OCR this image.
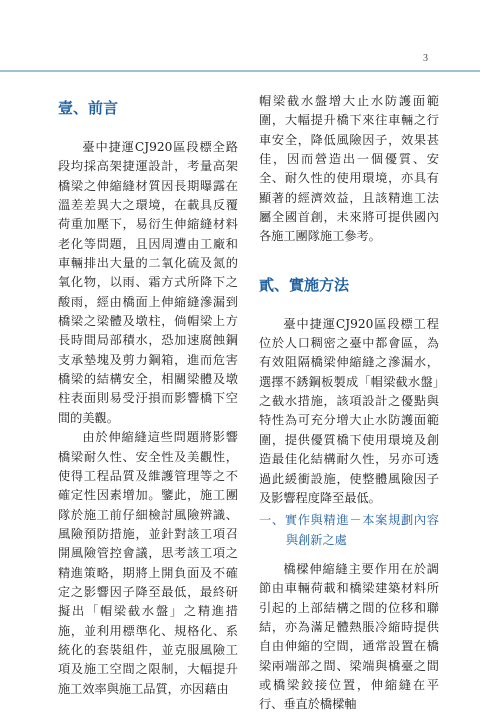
3
壹、前言

臺中捷運CJ920區段標全路段均採高架捷運設計，考量高架橋梁之伸縮縫材質因長期曝露在溫差差異大之環境，在載具反覆荷重加壓下，易衍生伸縮縫材料老化等問題，且因周遭由工廠和車輛排出大量的二氧化硫及氮的氧化物，以雨、霜方式所降下之酸雨，經由橋面上伸縮縫滲漏到橋梁之梁體及墩柱，倘帽梁上方長時間局部積水，恐加速腐蝕鋼支承墊塊及剪力鋼箱，進而危害橋梁的結構安全，相關梁體及墩柱表面則易受汙損而影響橋下空間的美觀。

由於伸縮縫這些問題將影響橋梁耐久性、安全性及美觀性，使得工程品質及維護管理等之不確定性因素增加。鑒此，施工團隊於施工前仔細檢討風險辨識、風險預防措施，並針對該工項召開風險管控會議，思考該工項之精進策略，期將上開負面及不確定之影響因子降至最低，最終研擬出「帽梁截水盤」之精進措施，並利用標準化、規格化、系統化的套裝組件，並克服風險工項及施工空間之限制，大幅提升施工效率與施工品質，亦因藉由

帽梁截水盤增大止水防護面範圍，大幅提升橋下來往車輛之行車安全，降低風險因子，效果甚佳，因而營造出一個優質、安全、耐久性的使用環境，亦具有顯著的經濟效益，且該精進工法屬全國首創，未來將可提供國內各施工團隊施工參考。

貳、實施方法

臺中捷運CJ920區段標工程位於人口稠密之臺中都會區，為有效阻隔橋梁伸縮縫之滲漏水，選擇不銹鋼板製成「帽梁截水盤」之截水措施，該項設計之優點與特性為可充分增大止水防護面範圍，提供優質橋下使用環境及創造最佳化結構耐久性，另亦可透過此緩衝設施，使整體風險因子及影響程度降至最低。

一、實作與精進－本案規劃內容與創新之處

橋樑伸縮縫主要作用在於調節由車輛荷載和橋梁建築材料所引起的上部結構之間的位移和聯結，亦為滿足體熱脹冷縮時提供自由伸縮的空間，通常設置在橋梁兩端部之間、梁端與橋臺之間或橋梁鉸接位置，伸縮縫在平行、垂直於橋樑軸
